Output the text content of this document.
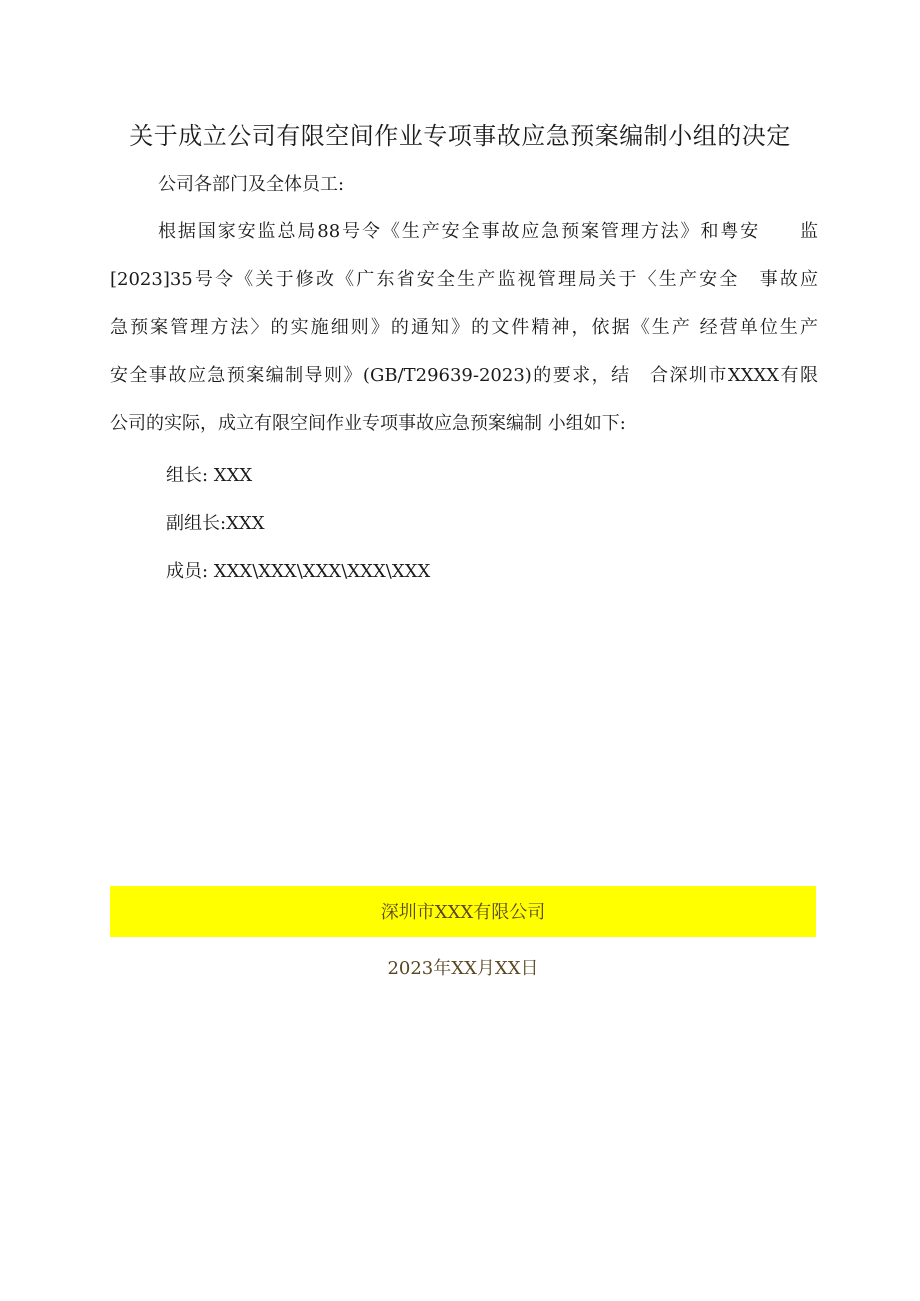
关于成立公司有限空间作业专项事故应急预案编制小组的决定
公司各部门及全体员工:
根据国家安监总局88号令《生产安全事故应急预案管理方法》和粤安　　监
[2023]35号令《关于修改《广东省安全生产监视管理局关于〈生产安全　事故应
急预案管理方法〉的实施细则》的通知》的文件精神，依据《生产 经营单位生产
安全事故应急预案编制导则》(GB/T29639-2023)的要求，结　合深圳市XXXX有限
公司的实际，成立有限空间作业专项事故应急预案编制 小组如下:
组长: XXX
副组长:XXX
成员: XXX\XXX\XXX\XXX\XXX
深圳市XXX有限公司
2023年XX月XX日
